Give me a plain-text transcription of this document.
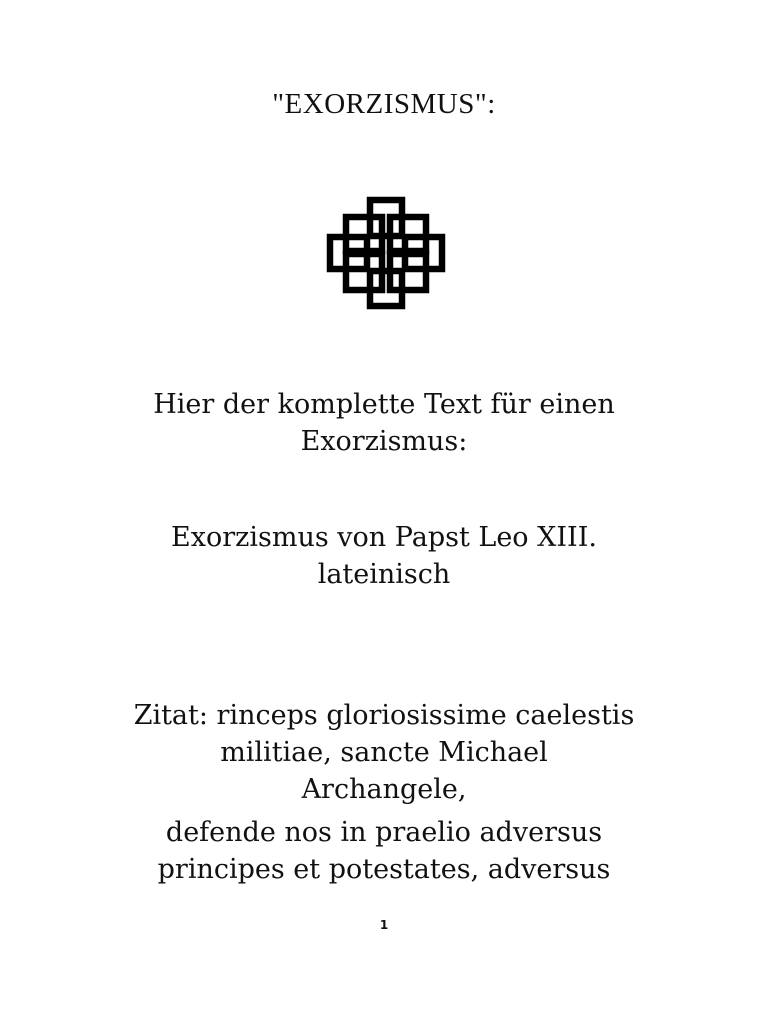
"EXORZISMUS":
Hier der komplette Text für einen
Exorzismus:
Exorzismus von Papst Leo XIII.
lateinisch
Zitat: rinceps gloriosissime caelestis
militiae, sancte Michael
Archangele,
defende nos in praelio adversus
principes et potestates, adversus
1
